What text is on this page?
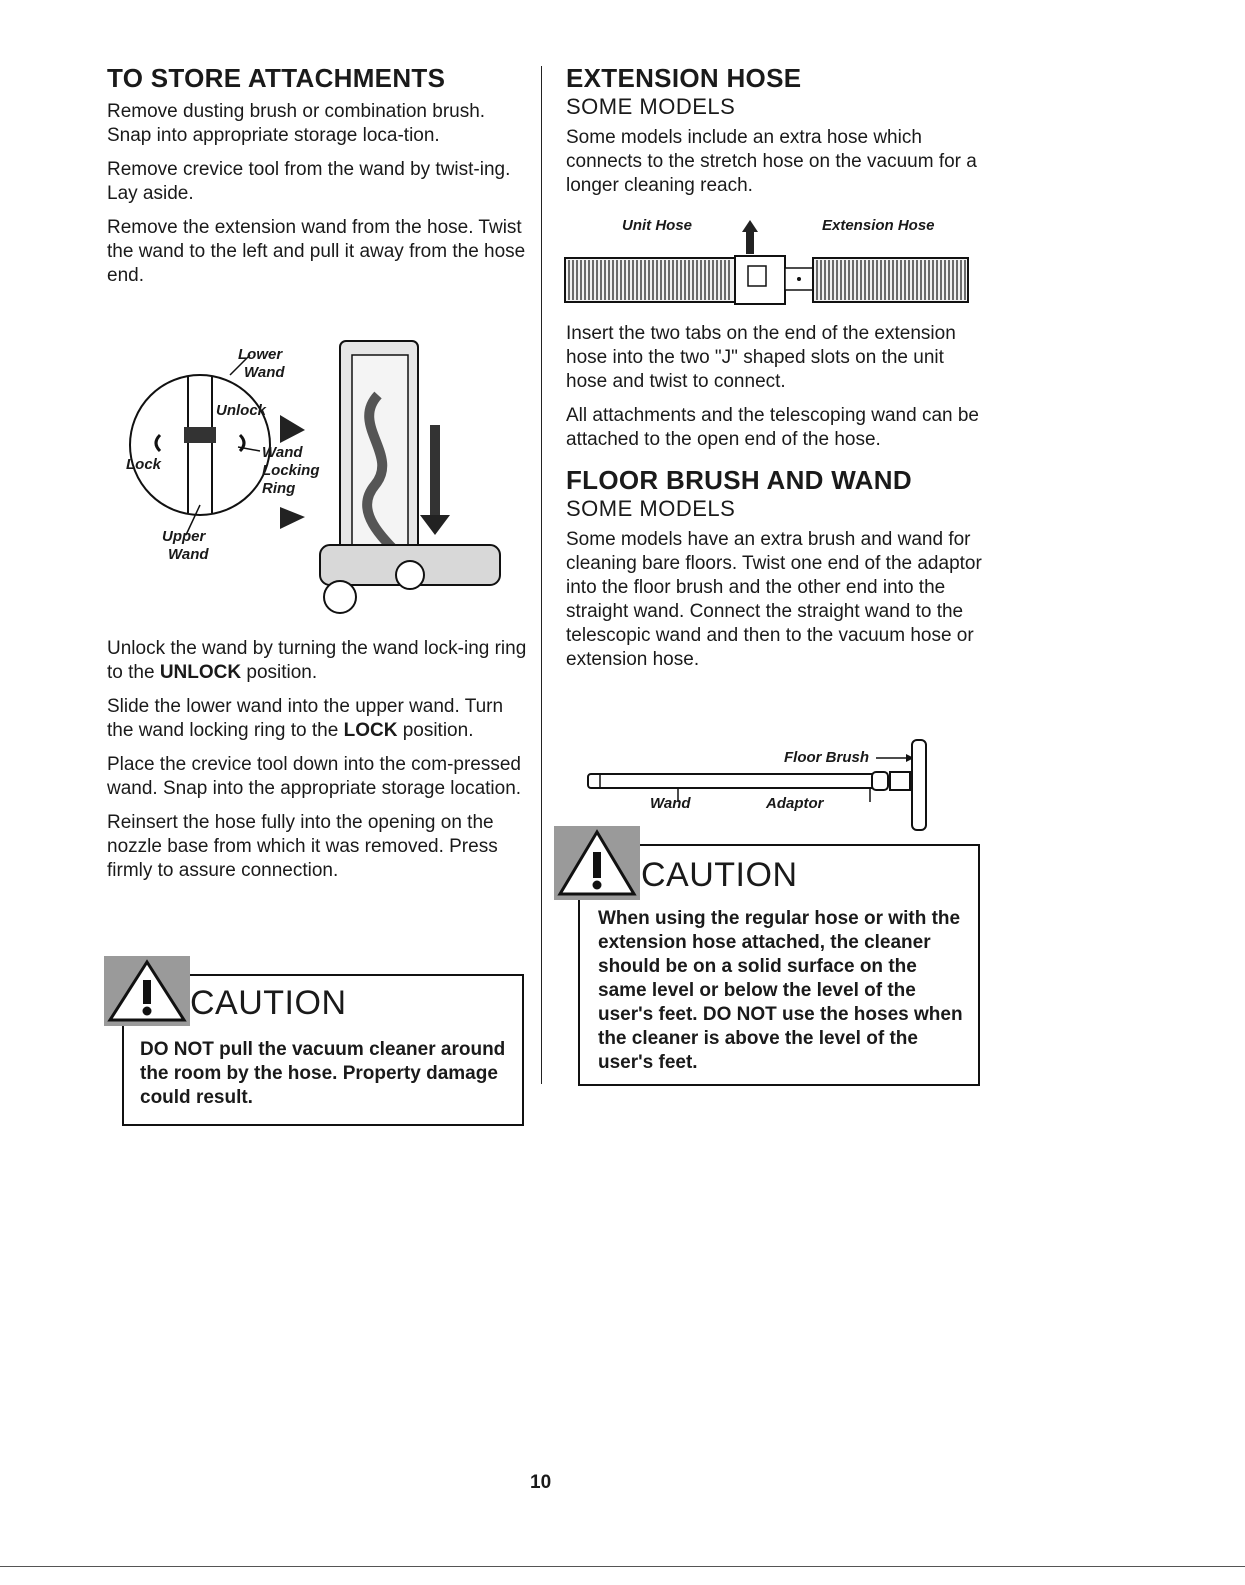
TO STORE ATTACHMENTS

Remove dusting brush or combination brush. Snap into appropriate storage loca-tion.

Remove crevice tool from the wand by twist-ing. Lay aside.

Remove the extension wand from the hose. Twist the wand to the left and pull it away from the hose end.

Lower
Wand
Unlock
Lock
Wand
Locking
Ring
Upper
Wand

Unlock the wand by turning the wand lock-ing ring to the UNLOCK position.

Slide the lower wand into the upper wand. Turn the wand locking ring to the LOCK position.

Place the crevice tool down into the com-pressed wand. Snap into the appropriate storage location.

Reinsert the hose fully into the opening on the nozzle base from which it was removed. Press firmly to assure connection.

CAUTION

DO NOT pull the vacuum cleaner around the room by the hose. Property damage could result.

EXTENSION HOSE

SOME MODELS

Some models include an extra hose which connects to the stretch hose on the vacuum for a longer cleaning reach.

Unit Hose	Extension Hose

Insert the two tabs on the end of the extension hose into the two "J" shaped slots on the unit hose and twist to connect.

All attachments and the telescoping wand can be attached to the open end of the hose.

FLOOR BRUSH AND WAND

SOME MODELS

Some models have an extra brush and wand for cleaning bare floors. Twist one end of the adaptor into the floor brush and the other end into the straight wand. Connect the straight wand to the telescopic wand and then to the vacuum hose or extension hose.

Floor Brush
Wand	Adaptor

CAUTION

When using the regular hose or with the extension hose attached, the cleaner should be on a solid surface on the same level or below the level of the user's feet. DO NOT use the hoses when the cleaner is above the level of the user's feet.

10
